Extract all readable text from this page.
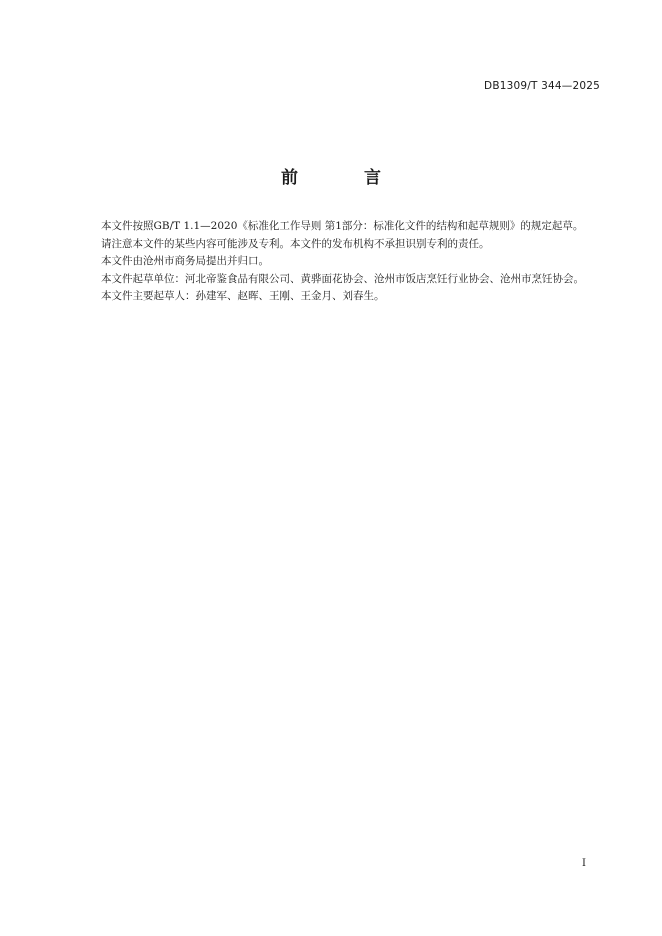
DB1309/T 344—2025
前 言

本文件按照GB/T 1.1—2020《标准化工作导则 第1部分：标准化文件的结构和起草规则》的规定起草。

请注意本文件的某些内容可能涉及专利。本文件的发布机构不承担识别专利的责任。

本文件由沧州市商务局提出并归口。

本文件起草单位：河北帝鉴食品有限公司、黄骅面花协会、沧州市饭店烹饪行业协会、沧州市烹饪协会。

本文件主要起草人：孙建军、赵晖、王刚、王金月、刘春生。

I
